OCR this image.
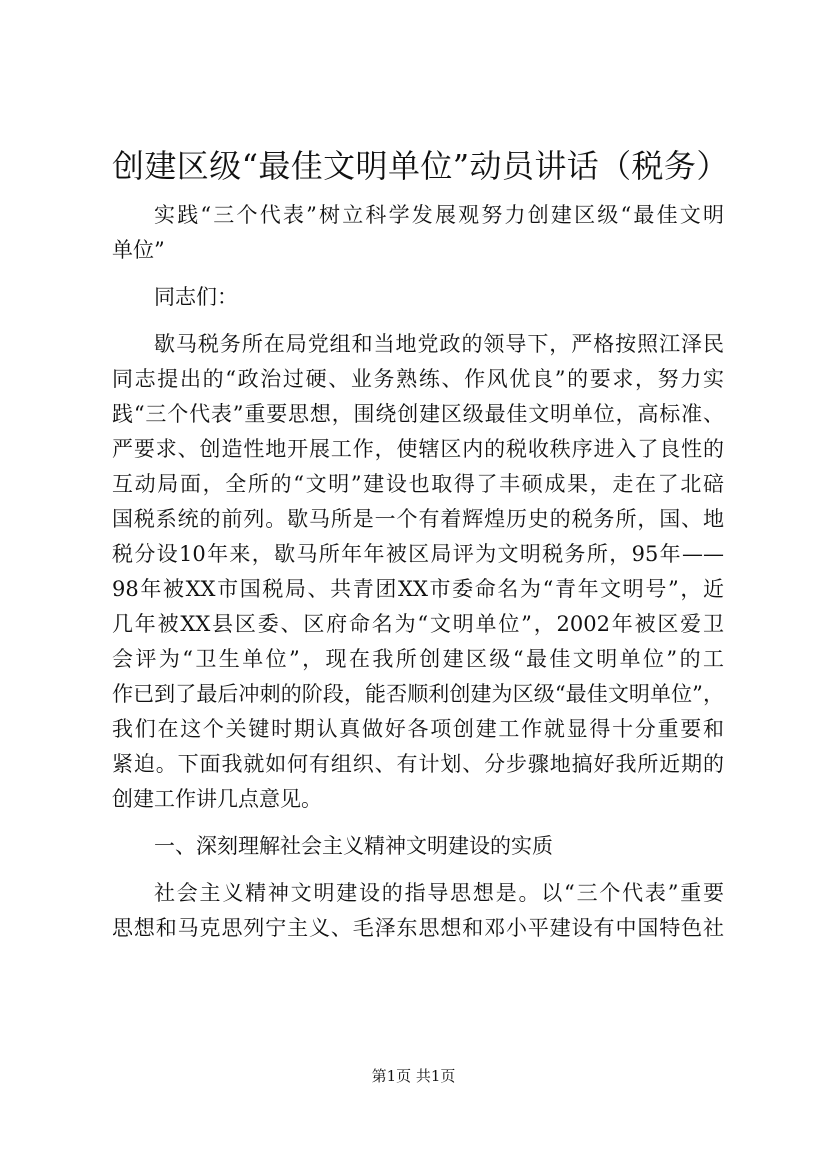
创建区级“最佳文明单位”动员讲话（税务）
实践“三个代表”树立科学发展观努力创建区级“最佳文明
单位”
同志们：
歇马税务所在局党组和当地党政的领导下，严格按照江泽民
同志提出的“政治过硬、业务熟练、作风优良”的要求，努力实
践“三个代表”重要思想，围绕创建区级最佳文明单位，高标准、
严要求、创造性地开展工作，使辖区内的税收秩序进入了良性的
互动局面，全所的“文明”建设也取得了丰硕成果，走在了北碚
国税系统的前列。歇马所是一个有着辉煌历史的税务所，国、地
税分设10年来，歇马所年年被区局评为文明税务所，95年——
98年被XX市国税局、共青团XX市委命名为“青年文明号”，近
几年被XX县区委、区府命名为“文明单位”，2002年被区爱卫
会评为“卫生单位”，现在我所创建区级“最佳文明单位”的工
作已到了最后冲刺的阶段，能否顺利创建为区级“最佳文明单位”，
我们在这个关键时期认真做好各项创建工作就显得十分重要和
紧迫。下面我就如何有组织、有计划、分步骤地搞好我所近期的
创建工作讲几点意见。
一、深刻理解社会主义精神文明建设的实质
社会主义精神文明建设的指导思想是。以“三个代表”重要
思想和马克思列宁主义、毛泽东思想和邓小平建设有中国特色社
第1页 共1页
